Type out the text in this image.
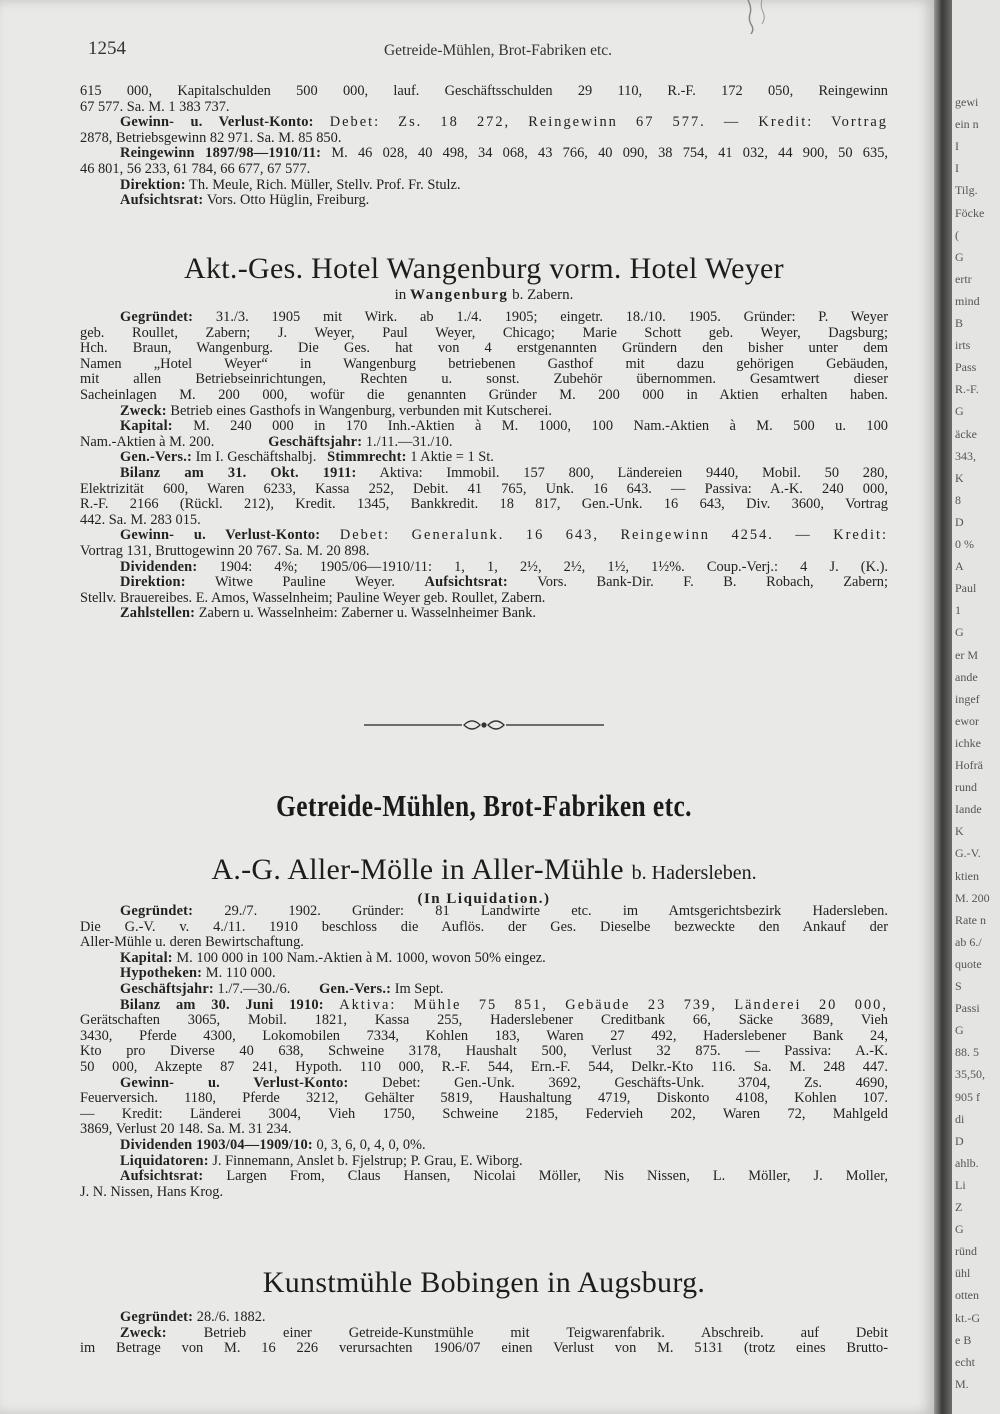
1254	Getreide-Mühlen, Brot-Fabriken etc.
615 000, Kapitalschulden 500 000, lauf. Geschäftsschulden 29 110, R.-F. 172 050, Reingewinn
67 577. Sa. M. 1 383 737.
Gewinn- u. Verlust-Konto: Debet: Zs. 18 272, Reingewinn 67 577. — Kredit: Vortrag
2878, Betriebsgewinn 82 971. Sa. M. 85 850.
Reingewinn 1897/98—1910/11: M. 46 028, 40 498, 34 068, 43 766, 40 090, 38 754, 41 032, 44 900, 50 635,
46 801, 56 233, 61 784, 66 677, 67 577.
Direktion: Th. Meule, Rich. Müller, Stellv. Prof. Fr. Stulz.
Aufsichtsrat: Vors. Otto Hüglin, Freiburg.
Akt.-Ges. Hotel Wangenburg vorm. Hotel Weyer
in Wangenburg b. Zabern.
Gegründet: 31./3. 1905 mit Wirk. ab 1./4. 1905; eingetr. 18./10. 1905. Gründer: P. Weyer
geb. Roullet, Zabern; J. Weyer, Paul Weyer, Chicago; Marie Schott geb. Weyer, Dagsburg;
Hch. Braun, Wangenburg. Die Ges. hat von 4 erstgenannten Gründern den bisher unter dem
Namen „Hotel Weyer“ in Wangenburg betriebenen Gasthof mit dazu gehörigen Gebäuden,
mit allen Betriebseinrichtungen, Rechten u. sonst. Zubehör übernommen. Gesamtwert dieser
Sacheinlagen M. 200 000, wofür die genannten Gründer M. 200 000 in Aktien erhalten haben.
Zweck: Betrieb eines Gasthofs in Wangenburg, verbunden mit Kutscherei.
Kapital: M. 240 000 in 170 Inh.-Aktien à M. 1000, 100 Nam.-Aktien à M. 500 u. 100
Nam.-Aktien à M. 200.	Geschäftsjahr: 1./11.—31./10.
Gen.-Vers.: Im I. Geschäftshalbj. Stimmrecht: 1 Aktie = 1 St.
Bilanz am 31. Okt. 1911: Aktiva: Immobil. 157 800, Ländereien 9440, Mobil. 50 280,
Elektrizität 600, Waren 6233, Kassa 252, Debit. 41 765, Unk. 16 643. — Passiva: A.-K. 240 000,
R.-F. 2166 (Rückl. 212), Kredit. 1345, Bankkredit. 18 817, Gen.-Unk. 16 643, Div. 3600, Vortrag
442. Sa. M. 283 015.
Gewinn- u. Verlust-Konto: Debet: Generalunk. 16 643, Reingewinn 4254. — Kredit:
Vortrag 131, Bruttogewinn 20 767. Sa. M. 20 898.
Dividenden: 1904: 4%; 1905/06—1910/11: 1, 1, 2½, 2½, 1½, 1½%. Coup.-Verj.: 4 J. (K.).
Direktion: Witwe Pauline Weyer. Aufsichtsrat: Vors. Bank-Dir. F. B. Robach, Zabern;
Stellv. Brauereibes. E. Amos, Wasselnheim; Pauline Weyer geb. Roullet, Zabern.
Zahlstellen: Zabern u. Wasselnheim: Zaberner u. Wasselnheimer Bank.
Getreide-Mühlen, Brot-Fabriken etc.
A.-G. Aller-Mölle in Aller-Mühle b. Hadersleben.
(In Liquidation.)
Gegründet: 29./7. 1902. Gründer: 81 Landwirte etc. im Amtsgerichtsbezirk Hadersleben.
Die G.-V. v. 4./11. 1910 beschloss die Auflös. der Ges. Dieselbe bezweckte den Ankauf der
Aller-Mühle u. deren Bewirtschaftung.
Kapital: M. 100 000 in 100 Nam.-Aktien à M. 1000, wovon 50% eingez.
Hypotheken: M. 110 000.
Geschäftsjahr: 1./7.—30./6. Gen.-Vers.: Im Sept.
Bilanz am 30. Juni 1910: Aktiva: Mühle 75 851, Gebäude 23 739, Länderei 20 000,
Gerätschaften 3065, Mobil. 1821, Kassa 255, Haderslebener Creditbank 66, Säcke 3689, Vieh
3430, Pferde 4300, Lokomobilen 7334, Kohlen 183, Waren 27 492, Haderslebener Bank 24,
Kto pro Diverse 40 638, Schweine 3178, Haushalt 500, Verlust 32 875. — Passiva: A.-K.
50 000, Akzepte 87 241, Hypoth. 110 000, R.-F. 544, Ern.-F. 544, Delkr.-Kto 116. Sa. M. 248 447.
Gewinn- u. Verlust-Konto: Debet: Gen.-Unk. 3692, Geschäfts-Unk. 3704, Zs. 4690,
Feuerversich. 1180, Pferde 3212, Gehälter 5819, Haushaltung 4719, Diskonto 4108, Kohlen 107.
— Kredit: Länderei 3004, Vieh 1750, Schweine 2185, Federvieh 202, Waren 72, Mahlgeld
3869, Verlust 20 148. Sa. M. 31 234.
Dividenden 1903/04—1909/10: 0, 3, 6, 0, 4, 0, 0%.
Liquidatoren: J. Finnemann, Anslet b. Fjelstrup; P. Grau, E. Wiborg.
Aufsichtsrat: Largen From, Claus Hansen, Nicolai Möller, Nis Nissen, L. Möller, J. Moller,
J. N. Nissen, Hans Krog.
Kunstmühle Bobingen in Augsburg.
Gegründet: 28./6. 1882.
Zweck:	Betrieb einer Getreide-Kunstmühle mit Teigwarenfabrik. Abschreib. auf Debit
im Betrage von M. 16 226 verursachten 1906/07 einen Verlust von M. 5131 (trotz eines Brutto-
gewi
ein n
I
I
Tilg.
Föcke
(
G
ertr
mind
B
irts
Pass
R.-F.
G
äcke
343,
K
8
D
0 %
A
Paul
1
G
er M
ande
ingef
ewor
ichke
Hofrä
rund
Iande
K
G.-V.
ktien
M. 200
Rate n
ab 6./
quote
S
Passi
G
88. 5
35,50,
905 f
di
D
ahlb.
Li
Z
G
ründ
ühl
otten
kt.-G
e B
echt
M.
